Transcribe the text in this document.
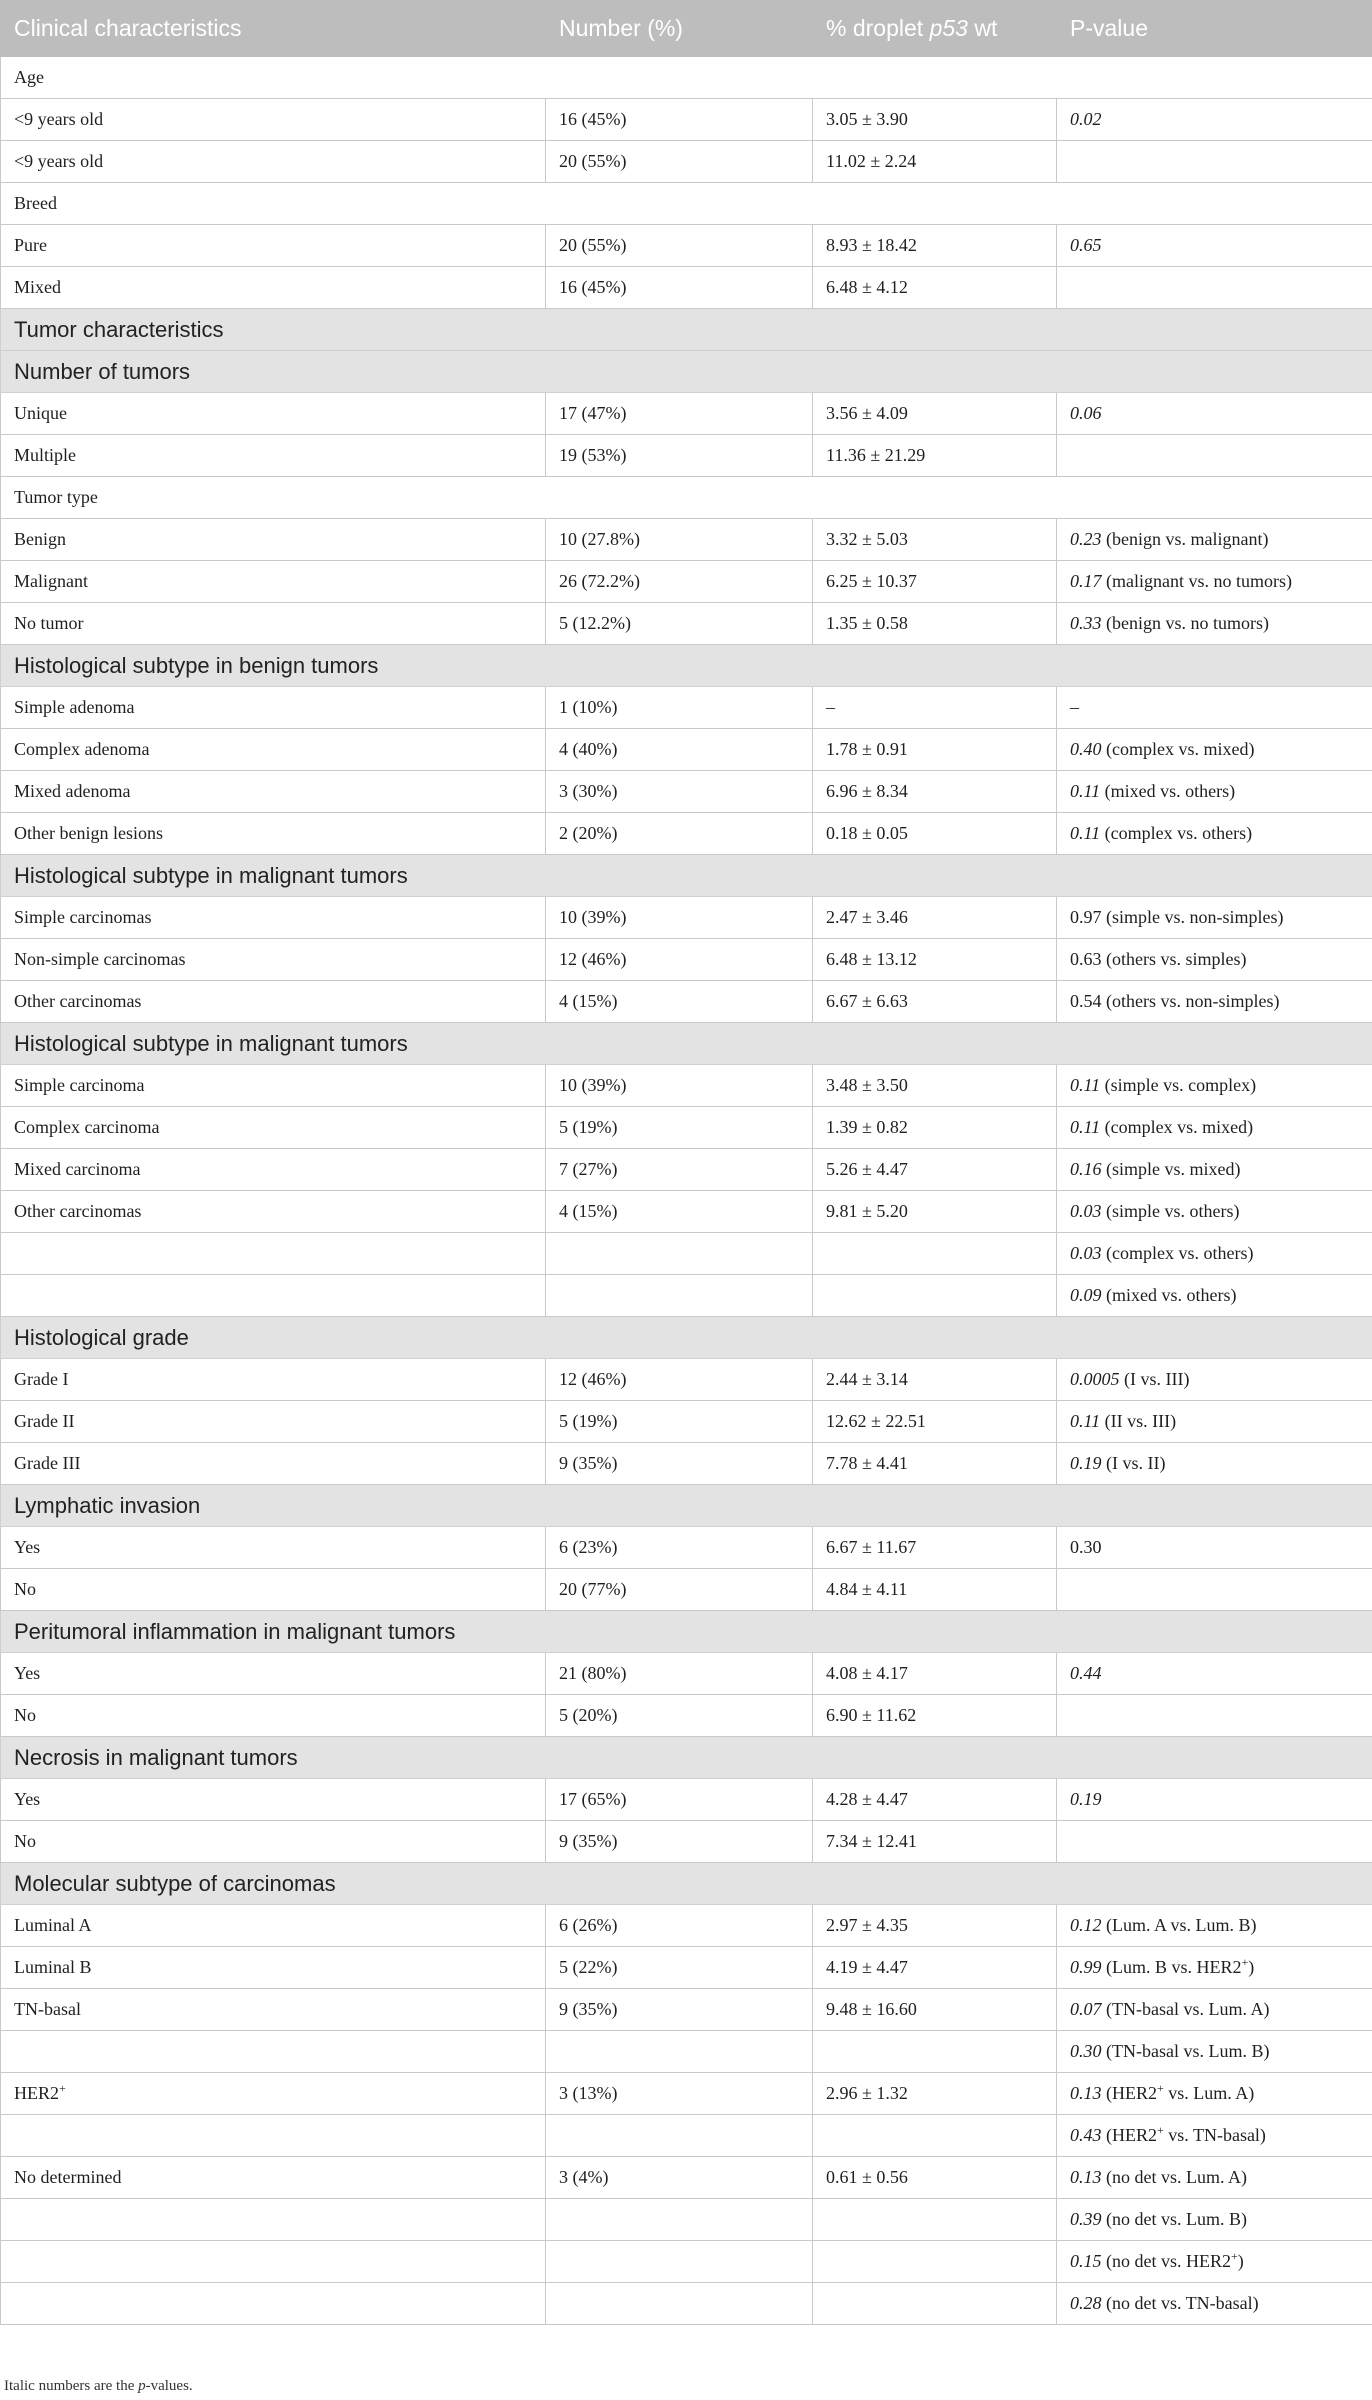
Clinical characteristics	Number (%)	% droplet p53 wt	P-value
Age			
<9 years old	16 (45%)	3.05 ± 3.90	0.02
<9 years old	20 (55%)	11.02 ± 2.24	
Breed			
Pure	20 (55%)	8.93 ± 18.42	0.65
Mixed	16 (45%)	6.48 ± 4.12	
Tumor characteristics			
Number of tumors			
Unique	17 (47%)	3.56 ± 4.09	0.06
Multiple	19 (53%)	11.36 ± 21.29	
Tumor type			
Benign	10 (27.8%)	3.32 ± 5.03	0.23 (benign vs. malignant)
Malignant	26 (72.2%)	6.25 ± 10.37	0.17 (malignant vs. no tumors)
No tumor	5 (12.2%)	1.35 ± 0.58	0.33 (benign vs. no tumors)
Histological subtype in benign tumors			
Simple adenoma	1 (10%)	–	–
Complex adenoma	4 (40%)	1.78 ± 0.91	0.40 (complex vs. mixed)
Mixed adenoma	3 (30%)	6.96 ± 8.34	0.11 (mixed vs. others)
Other benign lesions	2 (20%)	0.18 ± 0.05	0.11 (complex vs. others)
Histological subtype in malignant tumors			
Simple carcinomas	10 (39%)	2.47 ± 3.46	0.97 (simple vs. non-simples)
Non-simple carcinomas	12 (46%)	6.48 ± 13.12	0.63 (others vs. simples)
Other carcinomas	4 (15%)	6.67 ± 6.63	0.54 (others vs. non-simples)
Histological subtype in malignant tumors			
Simple carcinoma	10 (39%)	3.48 ± 3.50	0.11 (simple vs. complex)
Complex carcinoma	5 (19%)	1.39 ± 0.82	0.11 (complex vs. mixed)
Mixed carcinoma	7 (27%)	5.26 ± 4.47	0.16 (simple vs. mixed)
Other carcinomas	4 (15%)	9.81 ± 5.20	0.03 (simple vs. others)
			0.03 (complex vs. others)
			0.09 (mixed vs. others)
Histological grade			
Grade I	12 (46%)	2.44 ± 3.14	0.0005 (I vs. III)
Grade II	5 (19%)	12.62 ± 22.51	0.11 (II vs. III)
Grade III	9 (35%)	7.78 ± 4.41	0.19 (I vs. II)
Lymphatic invasion			
Yes	6 (23%)	6.67 ± 11.67	0.30
No	20 (77%)	4.84 ± 4.11	
Peritumoral inflammation in malignant tumors			
Yes	21 (80%)	4.08 ± 4.17	0.44
No	5 (20%)	6.90 ± 11.62	
Necrosis in malignant tumors			
Yes	17 (65%)	4.28 ± 4.47	0.19
No	9 (35%)	7.34 ± 12.41	
Molecular subtype of carcinomas			
Luminal A	6 (26%)	2.97 ± 4.35	0.12 (Lum. A vs. Lum. B)
Luminal B	5 (22%)	4.19 ± 4.47	0.99 (Lum. B vs. HER2+)
TN-basal	9 (35%)	9.48 ± 16.60	0.07 (TN-basal vs. Lum. A)
			0.30 (TN-basal vs. Lum. B)
HER2+	3 (13%)	2.96 ± 1.32	0.13 (HER2+ vs. Lum. A)
			0.43 (HER2+ vs. TN-basal)
No determined	3 (4%)	0.61 ± 0.56	0.13 (no det vs. Lum. A)
			0.39 (no det vs. Lum. B)
			0.15 (no det vs. HER2+)
			0.28 (no det vs. TN-basal)

Italic numbers are the p-values.
